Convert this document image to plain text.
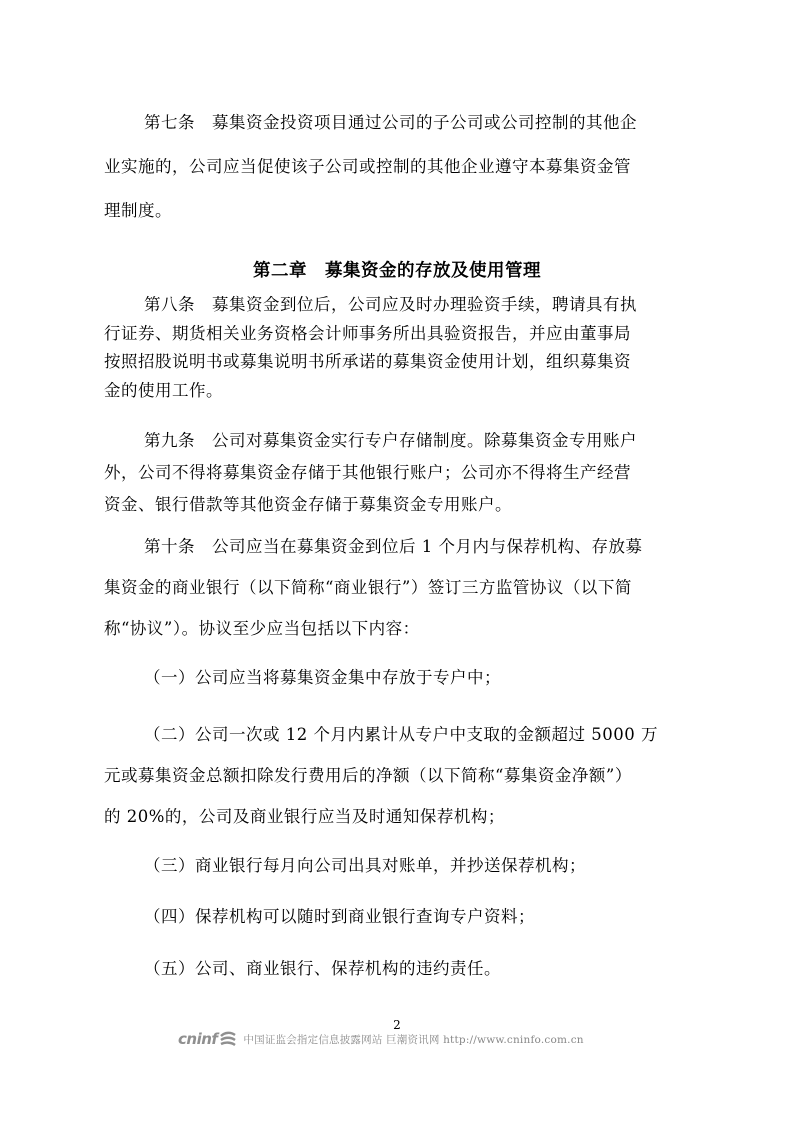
第七条　募集资金投资项目通过公司的子公司或公司控制的其他企
业实施的，公司应当促使该子公司或控制的其他企业遵守本募集资金管
理制度。
第二章　募集资金的存放及使用管理
第八条　募集资金到位后，公司应及时办理验资手续，聘请具有执
行证券、期货相关业务资格会计师事务所出具验资报告，并应由董事局
按照招股说明书或募集说明书所承诺的募集资金使用计划，组织募集资
金的使用工作。
第九条　公司对募集资金实行专户存储制度。除募集资金专用账户
外，公司不得将募集资金存储于其他银行账户；公司亦不得将生产经营
资金、银行借款等其他资金存储于募集资金专用账户。
第十条　公司应当在募集资金到位后 1 个月内与保荐机构、存放募
集资金的商业银行（以下简称“商业银行”）签订三方监管协议（以下简
称“协议”）。协议至少应当包括以下内容：
（一）公司应当将募集资金集中存放于专户中；
（二）公司一次或 12 个月内累计从专户中支取的金额超过 5000 万
元或募集资金总额扣除发行费用后的净额（以下简称“募集资金净额”）
的 20%的，公司及商业银行应当及时通知保荐机构；
（三）商业银行每月向公司出具对账单，并抄送保荐机构；
（四）保荐机构可以随时到商业银行查询专户资料；
（五）公司、商业银行、保荐机构的违约责任。
2
cninf 中国证监会指定信息披露网站 巨潮资讯网 http://www.cninfo.com.cn
